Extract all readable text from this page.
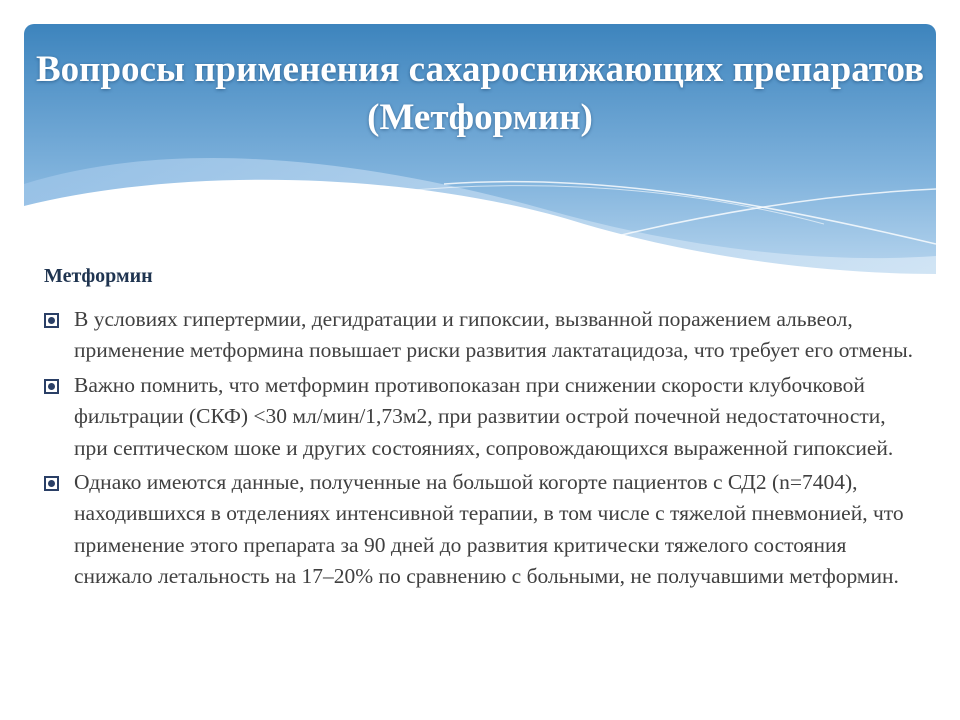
Вопросы применения сахароснижающих препаратов (Метформин)
Метформин
В условиях гипертермии, дегидратации и гипоксии, вызванной поражением альвеол, применение метформина повышает риски развития лактатацидоза, что требует его отмены.
Важно помнить, что метформин противопоказан при снижении скорости клубочковой фильтрации (СКФ) <30 мл/мин/1,73м2, при развитии острой почечной недостаточности, при септическом шоке и других состояниях, сопровождающихся выраженной гипоксией.
Однако имеются данные, полученные на большой когорте пациентов с СД2 (n=7404), находившихся в отделениях интенсивной терапии, в том числе с тяжелой пневмонией, что применение этого препарата за 90 дней до развития критически тяжелого состояния снижало летальность на 17–20% по сравнению с больными, не получавшими метформин.
